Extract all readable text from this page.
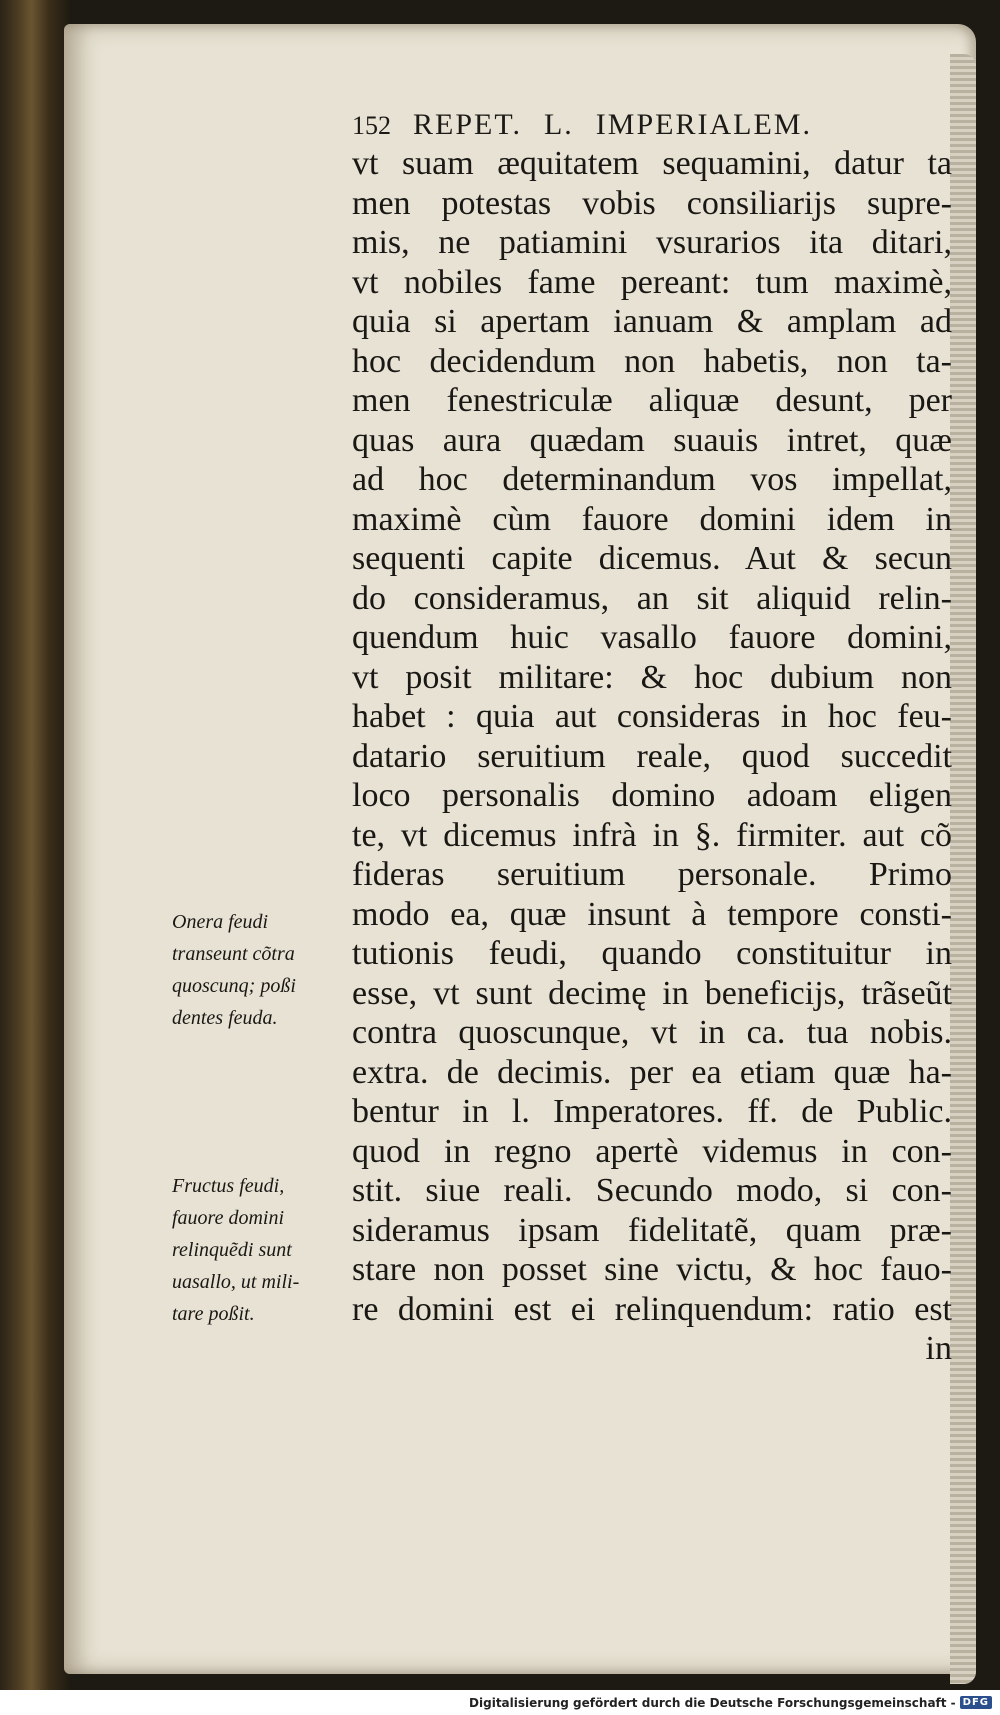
152 REPET. L. IMPERIALEM.
vt suam æquitatem sequamini, datur ta
men potestas vobis consiliarijs supre-
mis, ne patiamini vsurarios ita ditari,
vt nobiles fame pereant: tum maximè,
quia si apertam ianuam & amplam ad
hoc decidendum non habetis, non ta-
men fenestriculæ aliquæ desunt, per
quas aura quædam suauis intret, quæ
ad hoc determinandum vos impellat,
maximè cùm fauore domini idem in
sequenti capite dicemus. Aut & secun
do consideramus, an sit aliquid relin-
quendum huic vasallo fauore domini,
vt posit militare: & hoc dubium non
habet : quia aut consideras in hoc feu-
datario seruitium reale, quod succedit
loco personalis domino adoam eligen
te, vt dicemus infrà in §. firmiter. aut cõ
fideras seruitium personale. Primo
modo ea, quæ insunt à tempore consti-
tutionis feudi, quando constituitur in
esse, vt sunt decimę in beneficijs, trãseũt
contra quoscunque, vt in ca. tua nobis.
extra. de decimis. per ea etiam quæ ha-
bentur in l. Imperatores. ff. de Public.
quod in regno apertè videmus in con-
stit. siue reali. Secundo modo, si con-
sideramus ipsam fidelitatẽ, quam præ-
stare non posset sine victu, & hoc fauo-
re domini est ei relinquendum: ratio est
in
Onera feudi
transeunt cõtra
quoscunq; poßi
dentes feuda.
Fructus feudi,
fauore domini
relinquẽdi sunt
uasallo, ut mili-
tare poßit.
Digitalisierung gefördert durch die Deutsche Forschungsgemeinschaft - DFG
